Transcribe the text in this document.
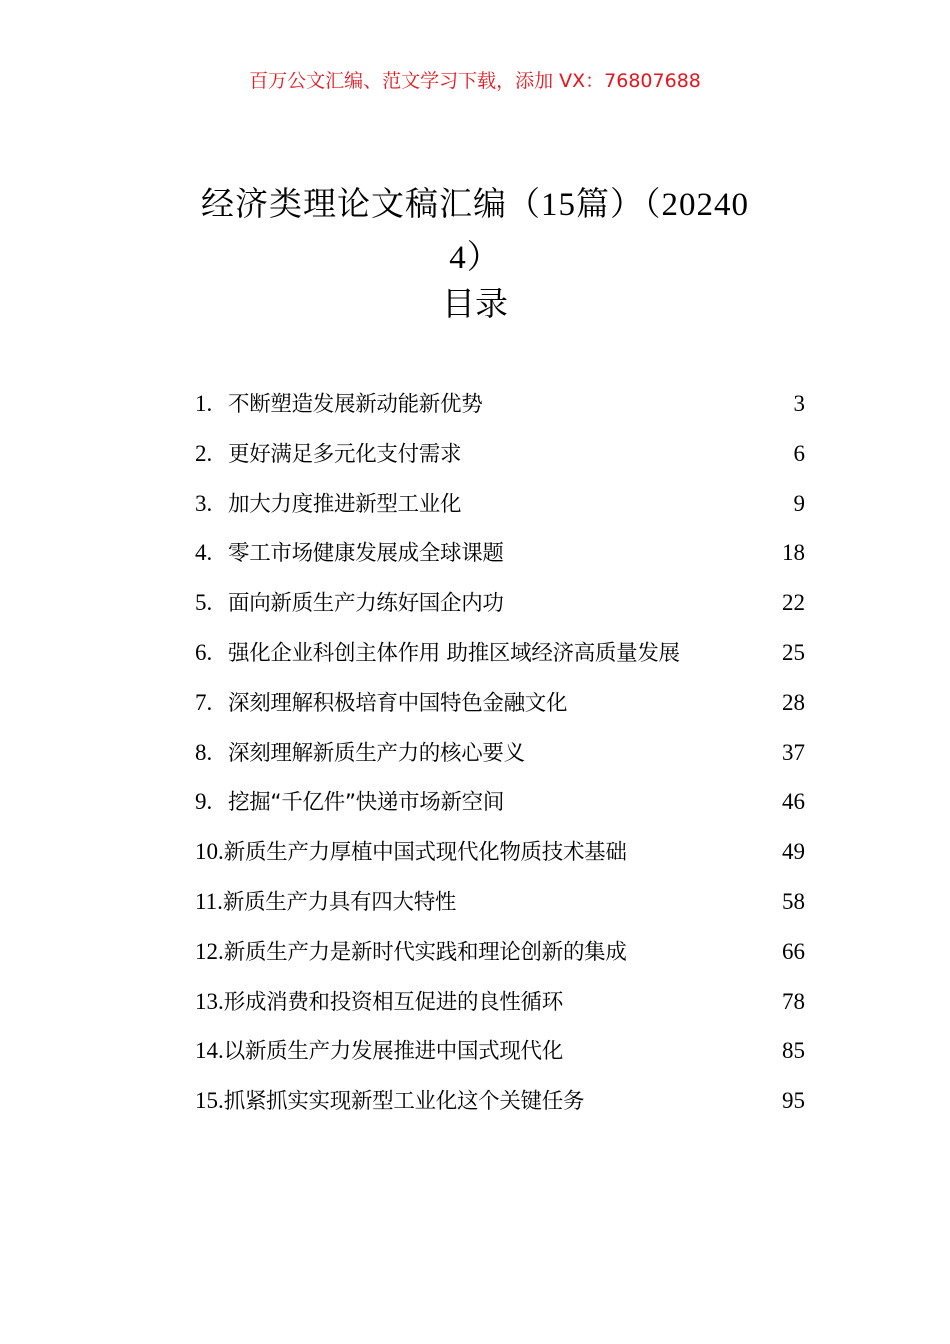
百万公文汇编、范文学习下载，添加 VX：76807688
经济类理论文稿汇编（15篇）（20240
4）
目录
1. 不断塑造发展新动能新优势	3
2. 更好满足多元化支付需求	6
3. 加大力度推进新型工业化	9
4. 零工市场健康发展成全球课题	18
5. 面向新质生产力练好国企内功	22
6. 强化企业科创主体作用 助推区域经济高质量发展	25
7. 深刻理解积极培育中国特色金融文化	28
8. 深刻理解新质生产力的核心要义	37
9. 挖掘“千亿件”快递市场新空间	46
10. 新质生产力厚植中国式现代化物质技术基础	49
11. 新质生产力具有四大特性	58
12. 新质生产力是新时代实践和理论创新的集成	66
13. 形成消费和投资相互促进的良性循环	78
14. 以新质生产力发展推进中国式现代化	85
15. 抓紧抓实实现新型工业化这个关键任务	95
